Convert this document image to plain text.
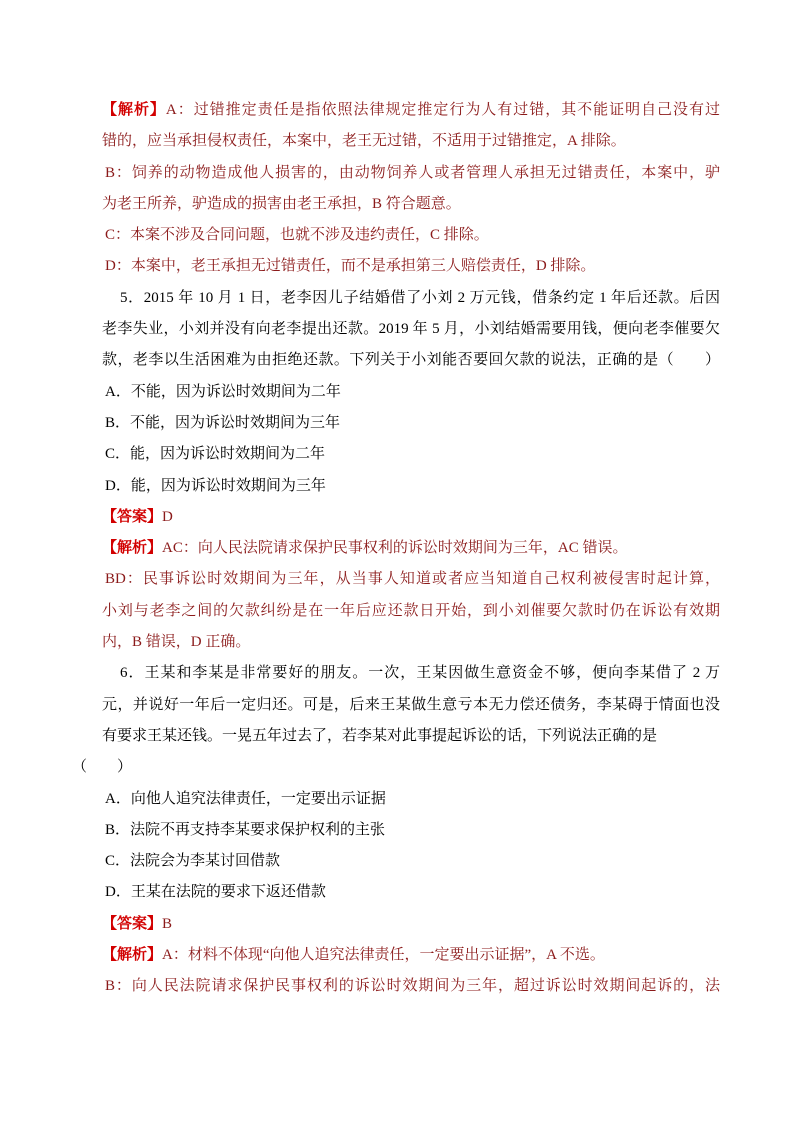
【解析】A：过错推定责任是指依照法律规定推定行为人有过错，其不能证明自己没有过
错的，应当承担侵权责任，本案中，老王无过错，不适用于过错推定，A 排除。
B：饲养的动物造成他人损害的，由动物饲养人或者管理人承担无过错责任，本案中，驴
为老王所养，驴造成的损害由老王承担，B 符合题意。
C：本案不涉及合同问题，也就不涉及违约责任，C 排除。
D：本案中，老王承担无过错责任，而不是承担第三人赔偿责任，D 排除。
5．2015 年 10 月 1 日，老李因儿子结婚借了小刘 2 万元钱，借条约定 1 年后还款。后因
老李失业，小刘并没有向老李提出还款。2019 年 5 月，小刘结婚需要用钱，便向老李催要欠
款，老李以生活困难为由拒绝还款。下列关于小刘能否要回欠款的说法，正确的是（　　）
A．不能，因为诉讼时效期间为二年
B．不能，因为诉讼时效期间为三年
C．能，因为诉讼时效期间为二年
D．能，因为诉讼时效期间为三年
【答案】D
【解析】AC：向人民法院请求保护民事权利的诉讼时效期间为三年，AC 错误。
BD：民事诉讼时效期间为三年，从当事人知道或者应当知道自己权利被侵害时起计算，
小刘与老李之间的欠款纠纷是在一年后应还款日开始，到小刘催要欠款时仍在诉讼有效期
内，B 错误，D 正确。
6．王某和李某是非常要好的朋友。一次，王某因做生意资金不够，便向李某借了 2 万
元，并说好一年后一定归还。可是，后来王某做生意亏本无力偿还债务，李某碍于情面也没
有要求王某还钱。一晃五年过去了，若李某对此事提起诉讼的话，下列说法正确的是
（　　）
A．向他人追究法律责任，一定要出示证据
B．法院不再支持李某要求保护权利的主张
C．法院会为李某讨回借款
D．王某在法院的要求下返还借款
【答案】B
【解析】A：材料不体现“向他人追究法律责任，一定要出示证据”，A 不选。
B：向人民法院请求保护民事权利的诉讼时效期间为三年，超过诉讼时效期间起诉的，法
